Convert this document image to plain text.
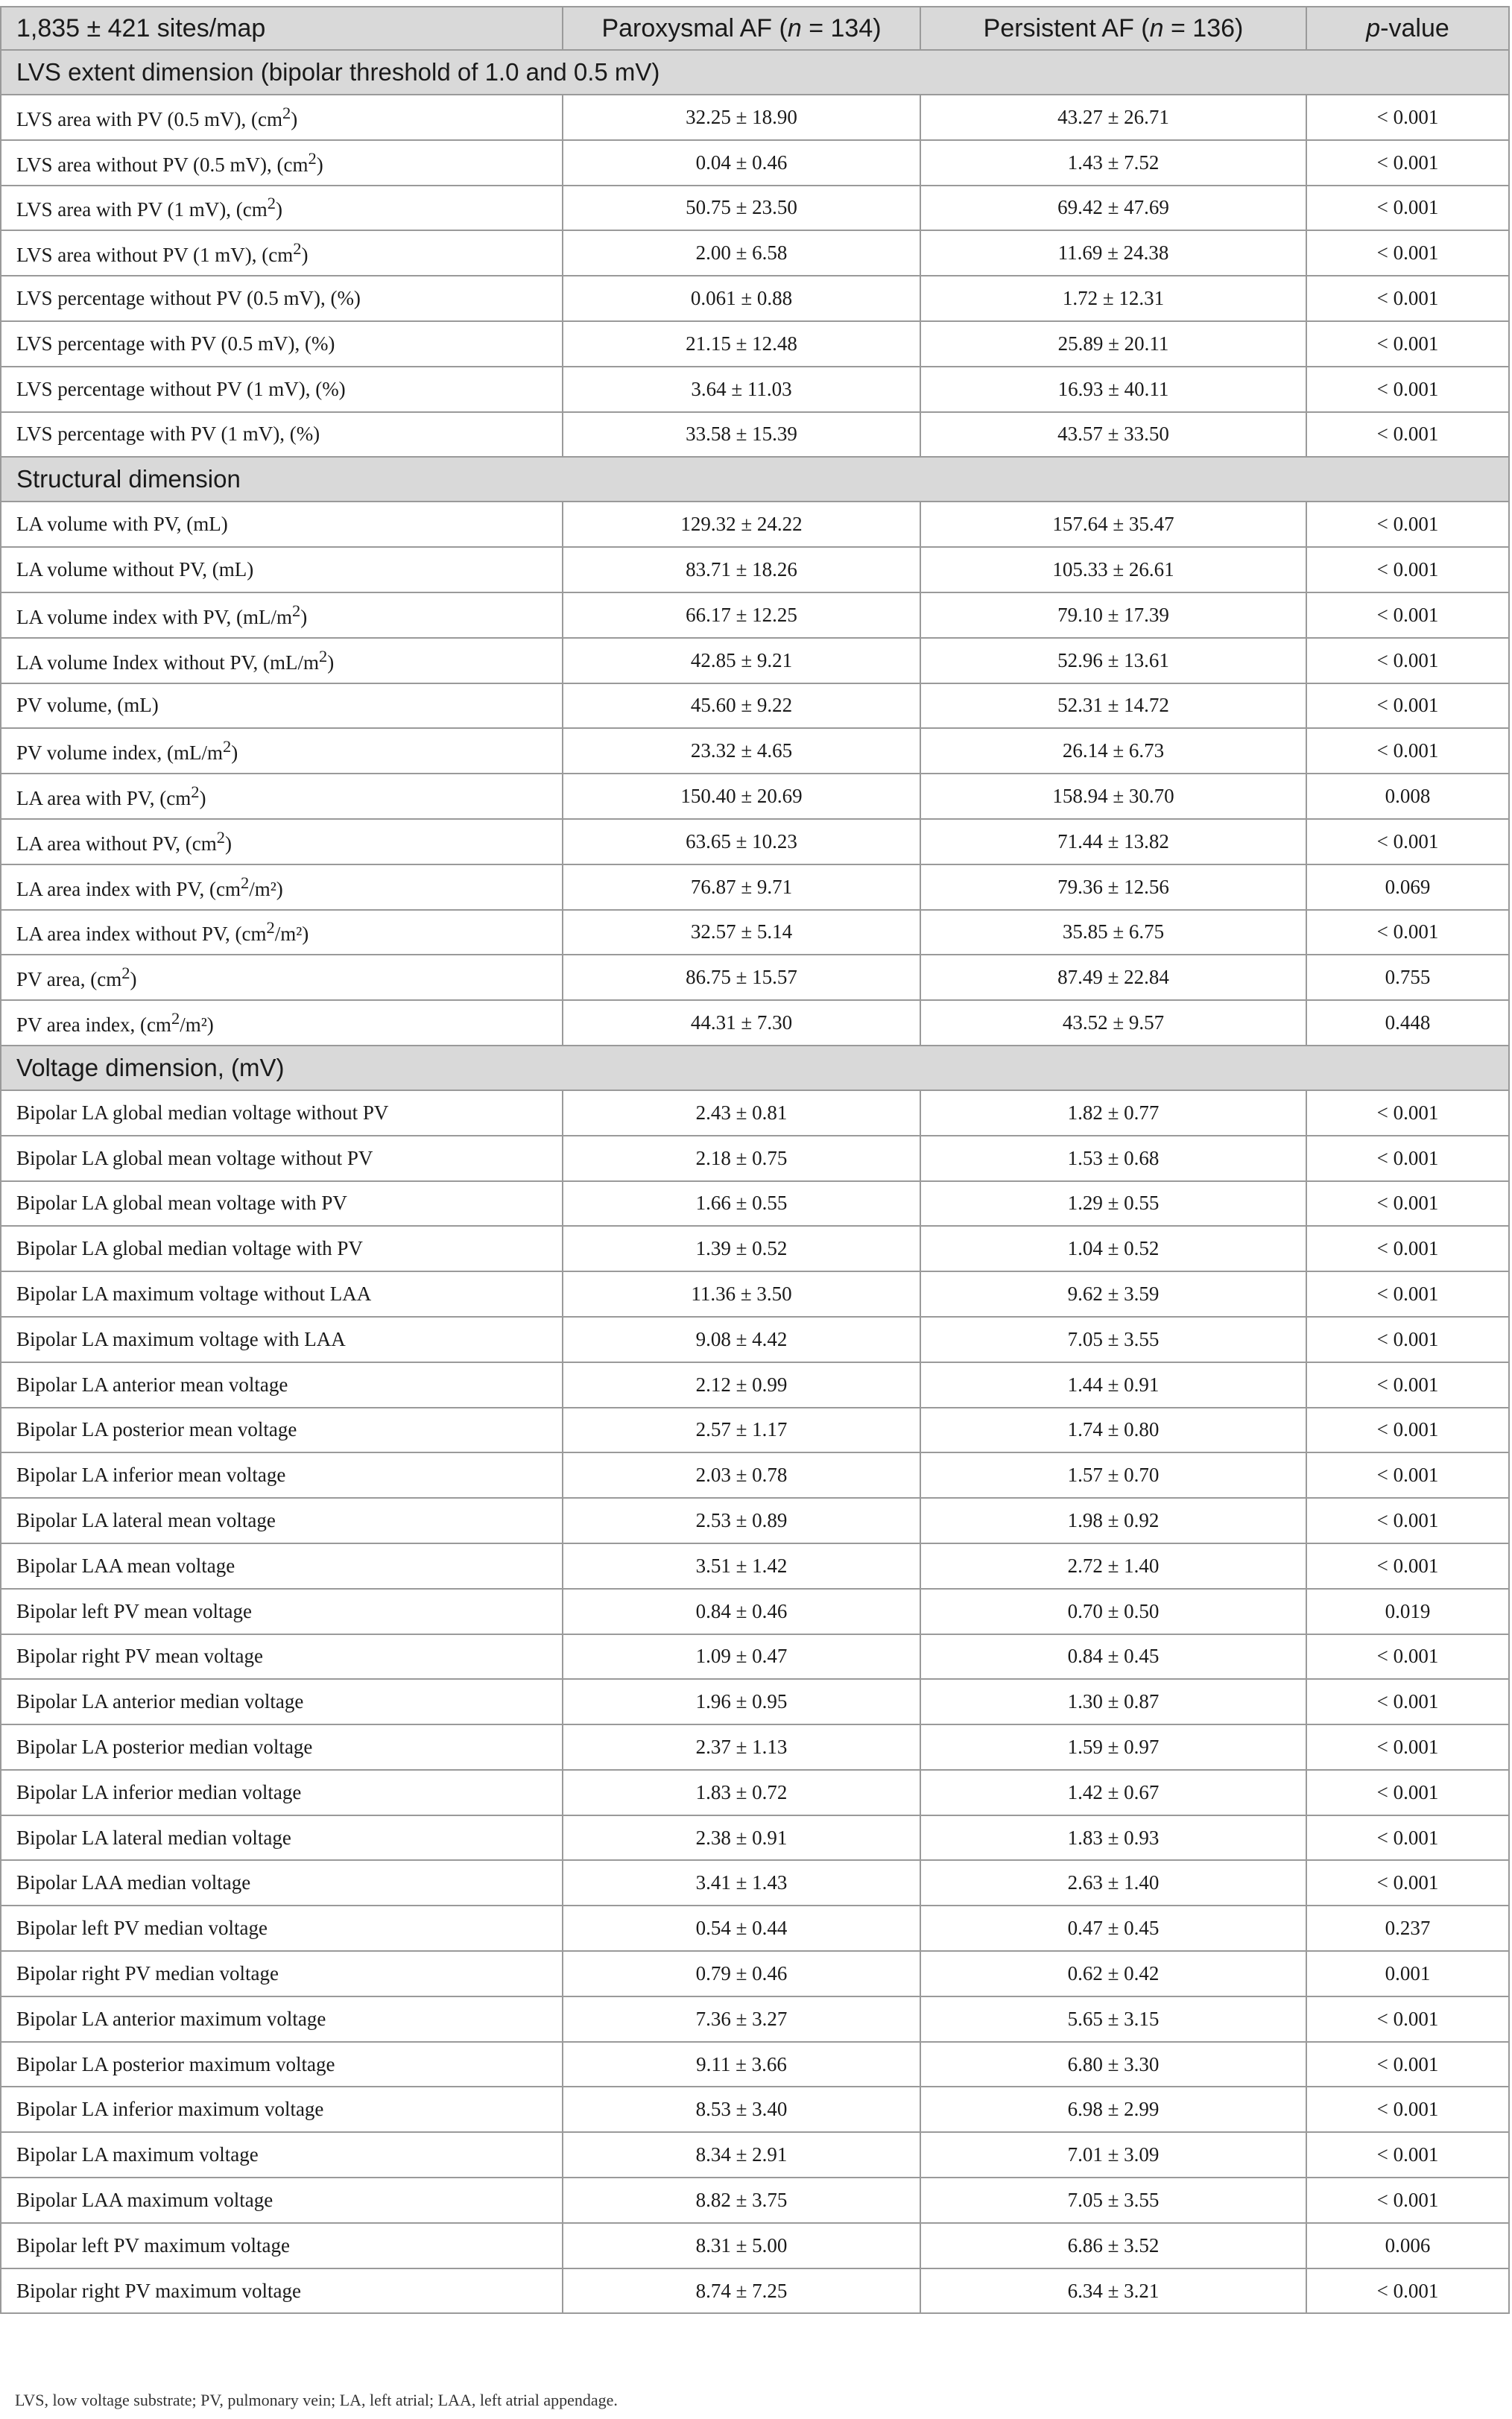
1,835 ± 421 sites/map	Paroxysmal AF (n = 134)	Persistent AF (n = 136)	p-value
LVS extent dimension (bipolar threshold of 1.0 and 0.5 mV)			
LVS area with PV (0.5 mV), $(cm^2)$	32.25 ± 18.90	43.27 ± 26.71	< 0.001
LVS area without PV (0.5 mV), $(cm^2)$	0.04 ± 0.46	1.43 ± 7.52	< 0.001
LVS area with PV (1 mV), $(cm^2)$	50.75 ± 23.50	69.42 ± 47.69	< 0.001
LVS area without PV (1 mV), $(cm^2)$	2.00 ± 6.58	11.69 ± 24.38	< 0.001
LVS percentage without PV (0.5 mV), (%)	0.061 ± 0.88	1.72 ± 12.31	< 0.001
LVS percentage with PV (0.5 mV), (%)	21.15 ± 12.48	25.89 ± 20.11	< 0.001
LVS percentage without PV (1 mV), (%)	3.64 ± 11.03	16.93 ± 40.11	< 0.001
LVS percentage with PV (1 mV), (%)	33.58 ± 15.39	43.57 ± 33.50	< 0.001
Structural dimension			
LA volume with PV, (mL)	129.32 ± 24.22	157.64 ± 35.47	< 0.001
LA volume without PV, (mL)	83.71 ± 18.26	105.33 ± 26.61	< 0.001
LA volume index with PV, $(mL/m^2)$	66.17 ± 12.25	79.10 ± 17.39	< 0.001
LA volume Index without PV, $(mL/m^2)$	42.85 ± 9.21	52.96 ± 13.61	< 0.001
PV volume, (mL)	45.60 ± 9.22	52.31 ± 14.72	< 0.001
PV volume index, $(mL/m^2)$	23.32 ± 4.65	26.14 ± 6.73	< 0.001
LA area with PV, $(cm^2)$	150.40 ± 20.69	158.94 ± 30.70	0.008
LA area without PV, $(cm^2)$	63.65 ± 10.23	71.44 ± 13.82	< 0.001
LA area index with PV, $(cm^2/m^2)$	76.87 ± 9.71	79.36 ± 12.56	0.069
LA area index without PV, $(cm^2/m^2)$	32.57 ± 5.14	35.85 ± 6.75	< 0.001
PV area, $(cm^2)$	86.75 ± 15.57	87.49 ± 22.84	0.755
PV area index, $(cm^2/m^2)$	44.31 ± 7.30	43.52 ± 9.57	0.448
Voltage dimension, (mV)			
Bipolar LA global median voltage without PV	2.43 ± 0.81	1.82 ± 0.77	< 0.001
Bipolar LA global mean voltage without PV	2.18 ± 0.75	1.53 ± 0.68	< 0.001
Bipolar LA global mean voltage with PV	1.66 ± 0.55	1.29 ± 0.55	< 0.001
Bipolar LA global median voltage with PV	1.39 ± 0.52	1.04 ± 0.52	< 0.001
Bipolar LA maximum voltage without LAA	11.36 ± 3.50	9.62 ± 3.59	< 0.001
Bipolar LA maximum voltage with LAA	9.08 ± 4.42	7.05 ± 3.55	< 0.001
Bipolar LA anterior mean voltage	2.12 ± 0.99	1.44 ± 0.91	< 0.001
Bipolar LA posterior mean voltage	2.57 ± 1.17	1.74 ± 0.80	< 0.001
Bipolar LA inferior mean voltage	2.03 ± 0.78	1.57 ± 0.70	< 0.001
Bipolar LA lateral mean voltage	2.53 ± 0.89	1.98 ± 0.92	< 0.001
Bipolar LAA mean voltage	3.51 ± 1.42	2.72 ± 1.40	< 0.001
Bipolar left PV mean voltage	0.84 ± 0.46	0.70 ± 0.50	0.019
Bipolar right PV mean voltage	1.09 ± 0.47	0.84 ± 0.45	< 0.001
Bipolar LA anterior median voltage	1.96 ± 0.95	1.30 ± 0.87	< 0.001
Bipolar LA posterior median voltage	2.37 ± 1.13	1.59 ± 0.97	< 0.001
Bipolar LA inferior median voltage	1.83 ± 0.72	1.42 ± 0.67	< 0.001
Bipolar LA lateral median voltage	2.38 ± 0.91	1.83 ± 0.93	< 0.001
Bipolar LAA median voltage	3.41 ± 1.43	2.63 ± 1.40	< 0.001
Bipolar left PV median voltage	0.54 ± 0.44	0.47 ± 0.45	0.237
Bipolar right PV median voltage	0.79 ± 0.46	0.62 ± 0.42	0.001
Bipolar LA anterior maximum voltage	7.36 ± 3.27	5.65 ± 3.15	< 0.001
Bipolar LA posterior maximum voltage	9.11 ± 3.66	6.80 ± 3.30	< 0.001
Bipolar LA inferior maximum voltage	8.53 ± 3.40	6.98 ± 2.99	< 0.001
Bipolar LA maximum voltage	8.34 ± 2.91	7.01 ± 3.09	< 0.001
Bipolar LAA maximum voltage	8.82 ± 3.75	7.05 ± 3.55	< 0.001
Bipolar left PV maximum voltage	8.31 ± 5.00	6.86 ± 3.52	0.006
Bipolar right PV maximum voltage	8.74 ± 7.25	6.34 ± 3.21	< 0.001
LVS, low voltage substrate; PV, pulmonary vein; LA, left atrial; LAA, left atrial appendage.
